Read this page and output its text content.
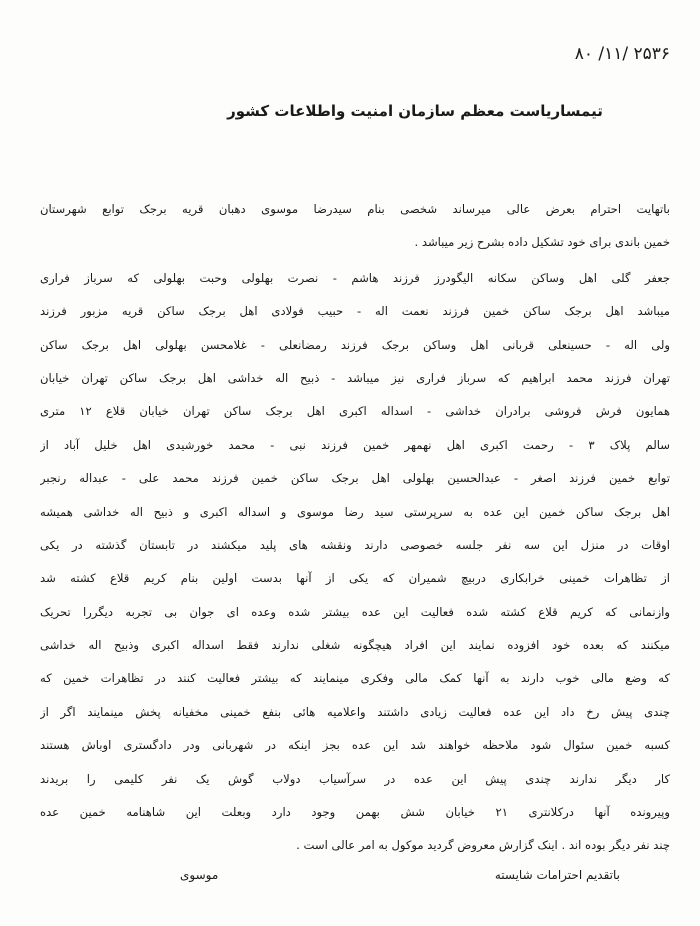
۸۰ /۱۱/ ۲۵۳۶
تیمساریاست معظم سازمان امنیت واطلاعات کشور
باتهایت احترام بعرض عالی میرساند شخصی بنام سیدرضا موسوی دهبان قریه برجک توابع شهرستان
خمین باندی برای خود تشکیل داده بشرح زیر میباشد .
جعفر گلی اهل وساکن سکانه الیگودرز فرزند هاشم - نصرت بهلولی وحبت بهلولی که سرباز فراری
میباشد اهل برجک ساکن خمین فرزند نعمت اله - حبیب فولادی اهل برجک ساکن قریه مزبور فرزند
ولی اله - حسینعلی قربانی اهل وساکن برجک فرزند رمضانعلی - غلامحسن بهلولی اهل برجک ساکن
تهران فرزند محمد ابراهیم که سرباز فراری نیز میباشد - ذبیح اله خداشی اهل برجک ساکن تهران خیابان
همایون فرش فروشی برادران خداشی - اسداله اکبری اهل برجک ساکن تهران خیابان قلاع ۱۲ متری
سالم پلاک ۳ - رحمت اکبری اهل نهمهر خمین فرزند نبی - محمد خورشیدی اهل خلیل آباد از
توابع خمین فرزند اصغر - عبدالحسین بهلولی اهل برجک ساکن خمین فرزند محمد علی - عبداله رنجبر
اهل برجک ساکن خمین این عده به سرپرستی سید رضا موسوی و اسداله اکبری و ذبیح اله خداشی همیشه
اوقات در منزل این سه نفر جلسه خصوصی دارند ونقشه های پلید میکشند در تابستان گذشته در یکی
از تظاهرات خمینی خرابکاری دربیچ شمیران که یکی از آنها بدست اولین بنام کریم قلاع کشته شد
وازنمانی که کریم قلاع کشته شده فعالیت این عده بیشتر شده وعده ای جوان بی تجربه دیگررا تحریک
میکنند که بعده خود افزوده نمایند این افراد هیچگونه شغلی ندارند فقط اسداله اکبری وذبیح اله خداشی
که وضع مالی خوب دارند به آنها کمک مالی وفکری مینمایند که بیشتر فعالیت کنند در تظاهرات خمین که
چندی پیش رخ داد این عده فعالیت زیادی داشتند واعلامیه هائی بنفع خمینی مخفیانه پخش مینمایند اگر از
کسبه خمین سئوال شود ملاحظه خواهند شد این عده بجز اینکه در شهربانی ودر دادگستری اوباش هستند
کار دیگر ندارند چندی پیش این عده در سرآسیاب دولاب گوش یک نفر کلیمی را بریدند
وپیرونده آنها درکلانتری ۲۱ خیابان شش بهمن وجود دارد وبعلت این شاهنامه خمین عده
چند نفر دیگر بوده اند . اینک گزارش معروض گردید موکول به امر عالی است .
باتقدیم احترامات شایسته
موسوی
